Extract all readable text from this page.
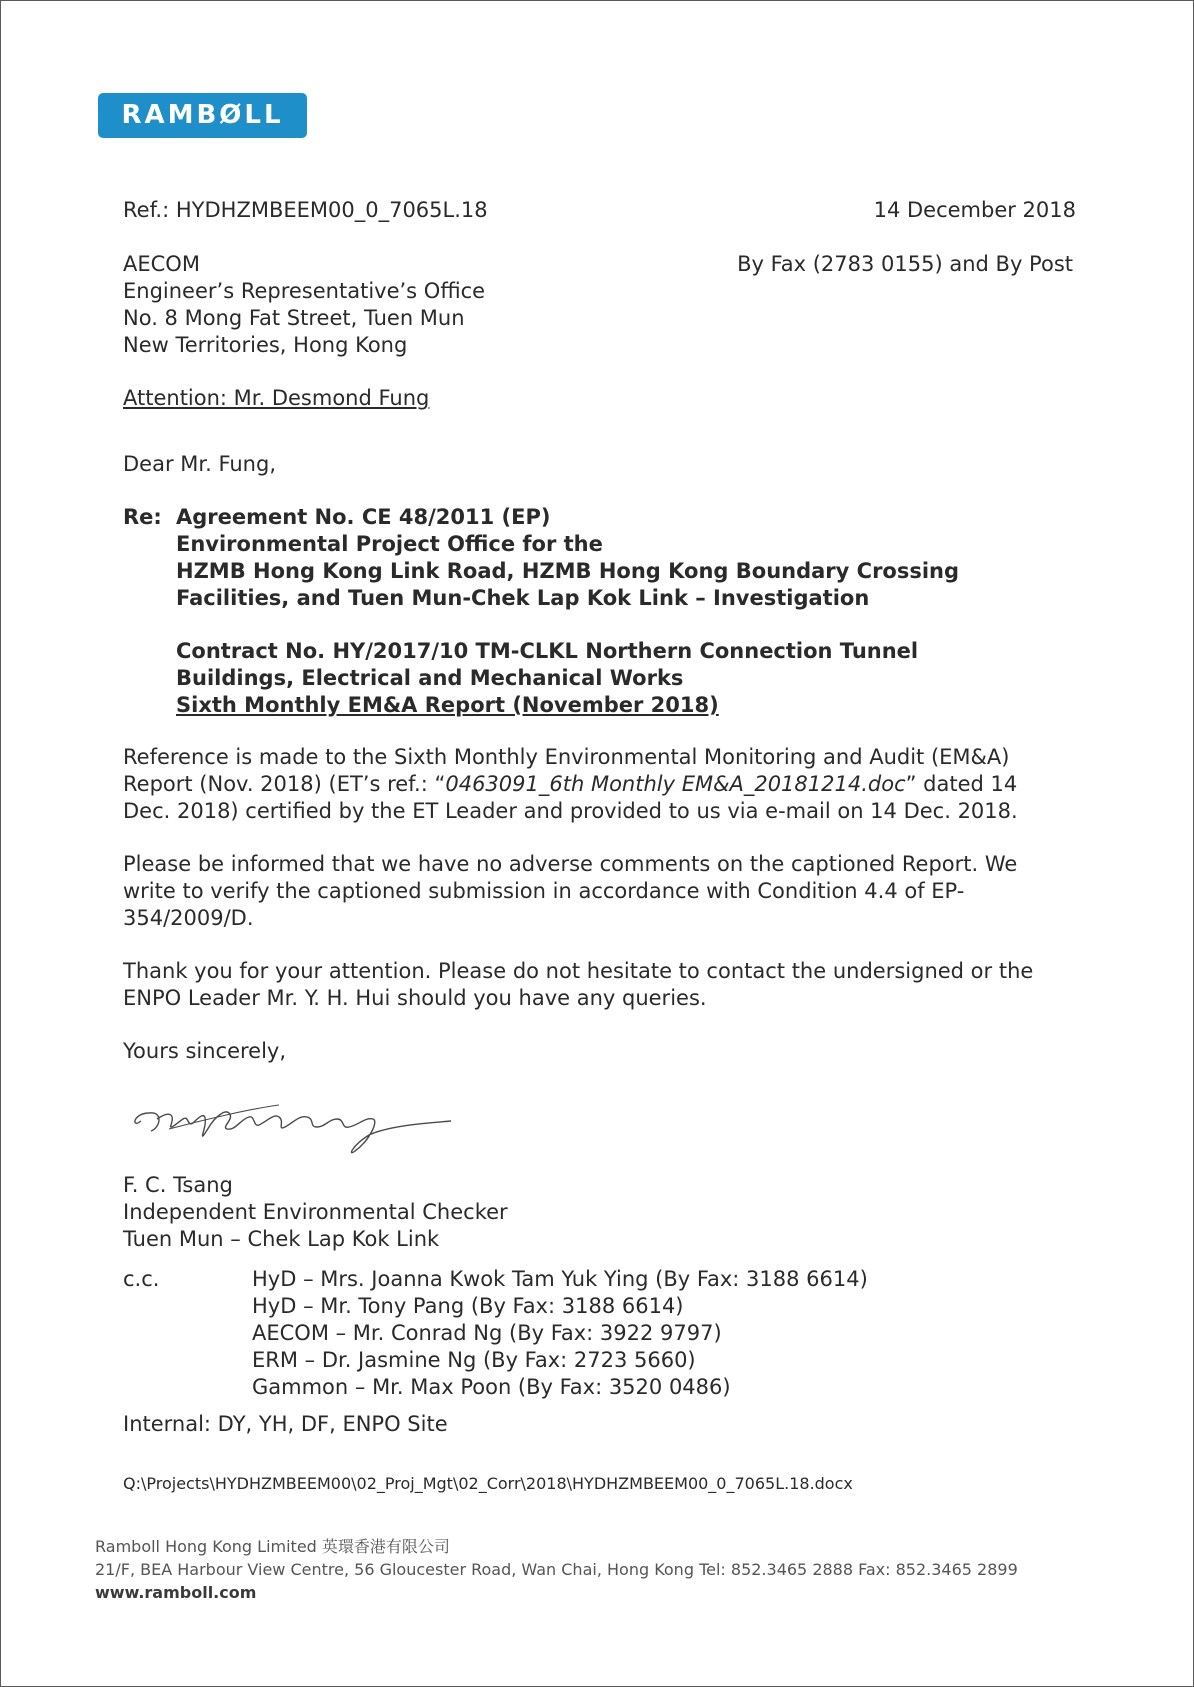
RAMBØLL
Ref.: HYDHZMBEEM00_0_7065L.18	14 December 2018
AECOM
Engineer’s Representative’s Office
No. 8 Mong Fat Street, Tuen Mun
New Territories, Hong Kong
By Fax (2783 0155) and By Post
Attention: Mr. Desmond Fung
Dear Mr. Fung,
Re: Agreement No. CE 48/2011 (EP)
Environmental Project Office for the
HZMB Hong Kong Link Road, HZMB Hong Kong Boundary Crossing
Facilities, and Tuen Mun-Chek Lap Kok Link – Investigation
Contract No. HY/2017/10 TM-CLKL Northern Connection Tunnel
Buildings, Electrical and Mechanical Works
Sixth Monthly EM&A Report (November 2018)
Reference is made to the Sixth Monthly Environmental Monitoring and Audit (EM&A)
Report (Nov. 2018) (ET’s ref.: “0463091_6th Monthly EM&A_20181214.doc” dated 14
Dec. 2018) certified by the ET Leader and provided to us via e-mail on 14 Dec. 2018.
Please be informed that we have no adverse comments on the captioned Report. We
write to verify the captioned submission in accordance with Condition 4.4 of EP-
354/2009/D.
Thank you for your attention. Please do not hesitate to contact the undersigned or the
ENPO Leader Mr. Y. H. Hui should you have any queries.
Yours sincerely,
F. C. Tsang
Independent Environmental Checker
Tuen Mun – Chek Lap Kok Link
c.c.	HyD – Mrs. Joanna Kwok Tam Yuk Ying (By Fax: 3188 6614)
HyD – Mr. Tony Pang (By Fax: 3188 6614)
AECOM – Mr. Conrad Ng (By Fax: 3922 9797)
ERM – Dr. Jasmine Ng (By Fax: 2723 5660)
Gammon – Mr. Max Poon (By Fax: 3520 0486)
Internal: DY, YH, DF, ENPO Site
Q:\Projects\HYDHZMBEEM00\02_Proj_Mgt\02_Corr\2018\HYDHZMBEEM00_0_7065L.18.docx
Ramboll Hong Kong Limited 英環香港有限公司
21/F, BEA Harbour View Centre, 56 Gloucester Road, Wan Chai, Hong Kong Tel: 852.3465 2888 Fax: 852.3465 2899
www.ramboll.com
